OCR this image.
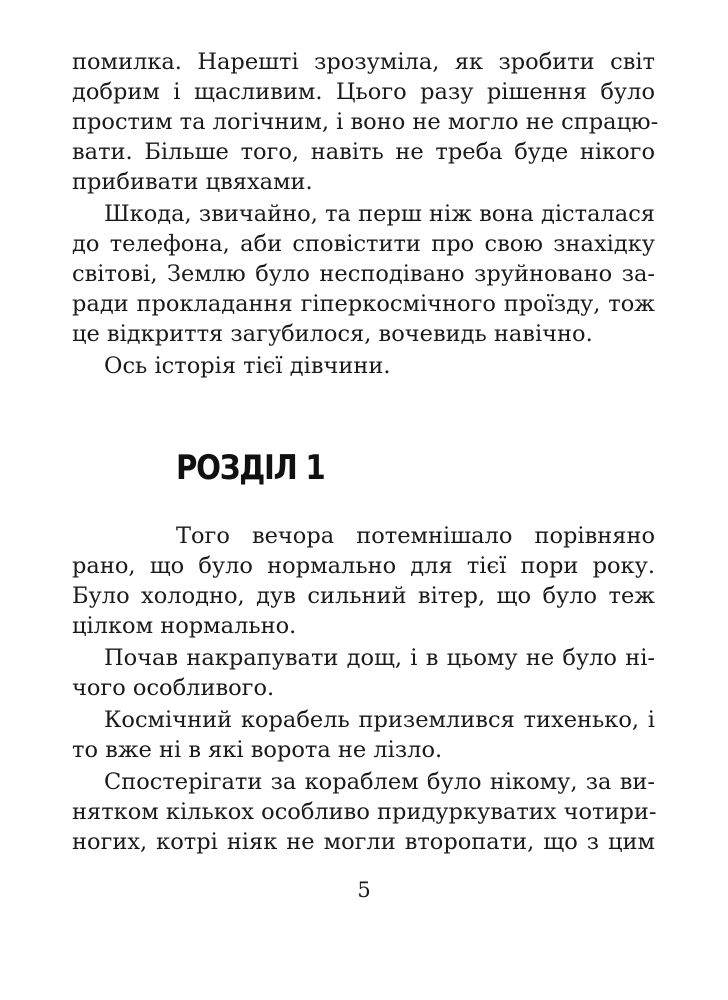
помилка. Нарешті зрозуміла, як зробити світ
добрим і щасливим. Цього разу рішення було
простим та логічним, і воно не могло не спрацю-
вати. Більше того, навіть не треба буде нікого
прибивати цвяхами.
Шкода, звичайно, та перш ніж вона дісталася
до телефона, аби сповістити про свою знахідку
світові, Землю було несподівано зруйновано за-
ради прокладання гіперкосмічного проїзду, тож
це відкриття загубилося, вочевидь навічно.
Ось історія тієї дівчини.
РОЗДІЛ 1
Того вечора потемнішало порівняно
рано, що було нормально для тієї пори року.
Було холодно, дув сильний вітер, що було теж
цілком нормально.
Почав накрапувати дощ, і в цьому не було ні-
чого особливого.
Космічний корабель приземлився тихенько, і
то вже ні в які ворота не лізло.
Спостерігати за кораблем було нікому, за ви-
нятком кількох особливо придуркуватих чотири-
ногих, котрі ніяк не могли второпати, що з цим
5
